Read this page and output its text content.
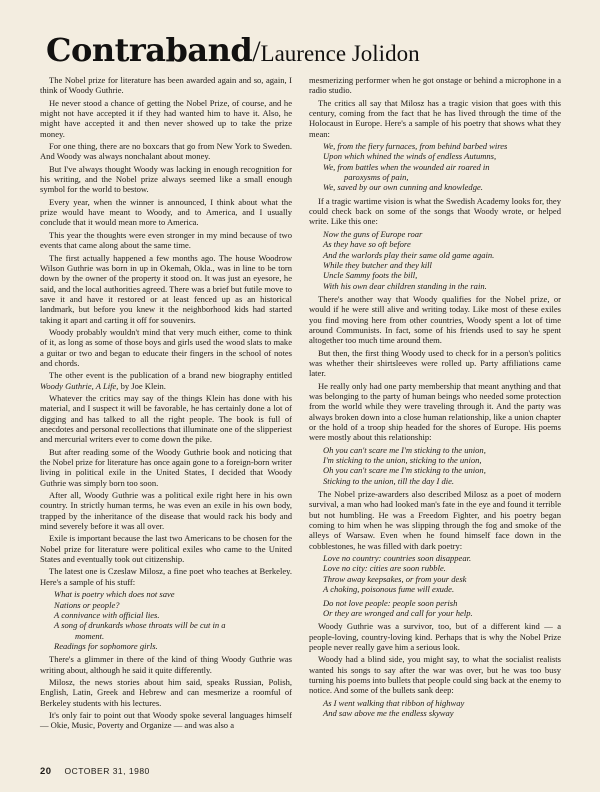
Contraband/Laurence Jolidon

The Nobel prize for literature has been awarded again and so, again, I think of Woody Guthrie.

He never stood a chance of getting the Nobel Prize, of course, and he might not have accepted it if they had wanted him to have it. Also, he might have accepted it and then never showed up to take the prize money.

For one thing, there are no boxcars that go from New York to Sweden. And Woody was always nonchalant about money.

But I've always thought Woody was lacking in enough recognition for his writing, and the Nobel prize always seemed like a small enough symbol for the world to bestow.

Every year, when the winner is announced, I think about what the prize would have meant to Woody, and to America, and I usually conclude that it would mean more to America.

This year the thoughts were even stronger in my mind because of two events that came along about the same time.

The first actually happened a few months ago. The house Woodrow Wilson Guthrie was born in up in Okemah, Okla., was in line to be torn down by the owner of the property it stood on. It was just an eyesore, he said, and the local authorities agreed. There was a brief but futile move to save it and have it restored or at least fenced up as an historical landmark, but before you knew it the neighborhood kids had started taking it apart and carting it off for souvenirs.

Woody probably wouldn't mind that very much either, come to think of it, as long as some of those boys and girls used the wood slats to make a guitar or two and began to educate their fingers in the school of notes and chords.

The other event is the publication of a brand new biography entitled Woody Guthrie, A Life, by Joe Klein.

Whatever the critics may say of the things Klein has done with his material, and I suspect it will be favorable, he has certainly done a lot of digging and has talked to all the right people. The book is full of anecdotes and personal recollections that illuminate one of the slipperiest and mercurial writers ever to come down the pike.

But after reading some of the Woody Guthrie book and noticing that the Nobel prize for literature has once again gone to a foreign-born writer living in political exile in the United States, I decided that Woody Guthrie was simply born too soon.

After all, Woody Guthrie was a political exile right here in his own country. In strictly human terms, he was even an exile in his own body, trapped by the inheritance of the disease that would rack his body and mind severely before it was all over.

Exile is important because the last two Americans to be chosen for the Nobel prize for literature were political exiles who came to the United States and eventually took out citizenship.

The latest one is Czeslaw Milosz, a fine poet who teaches at Berkeley. Here's a sample of his stuff:

What is poetry which does not save
Nations or people?
A connivance with official lies.
A song of drunkards whose throats will be cut in a
moment.
Readings for sophomore girls.

There's a glimmer in there of the kind of thing Woody Guthrie was writing about, although he said it quite differently.

Milosz, the news stories about him said, speaks Russian, Polish, English, Latin, Greek and Hebrew and can mesmerize a roomful of Berkeley students with his lectures.

It's only fair to point out that Woody spoke several languages himself — Okie, Music, Poverty and Organize — and was also a

mesmerizing performer when he got onstage or behind a microphone in a radio studio.

The critics all say that Milosz has a tragic vision that goes with this century, coming from the fact that he has lived through the time of the Holocaust in Europe. Here's a sample of his poetry that shows what they mean:

We, from the fiery furnaces, from behind barbed wires
Upon which whined the winds of endless Autumns,
We, from battles when the wounded air roared in
paroxysms of pain,
We, saved by our own cunning and knowledge.

If a tragic wartime vision is what the Swedish Academy looks for, they could check back on some of the songs that Woody wrote, or helped write. Like this one:

Now the guns of Europe roar
As they have so oft before
And the warlords play their same old game again.
While they butcher and they kill
Uncle Sammy foots the bill,
With his own dear children standing in the rain.

There's another way that Woody qualifies for the Nobel prize, or would if he were still alive and writing today. Like most of these exiles you find moving here from other countries, Woody spent a lot of time around Communists. In fact, some of his friends used to say he spent altogether too much time around them.

But then, the first thing Woody used to check for in a person's politics was whether their shirtsleeves were rolled up. Party affiliations came later.

He really only had one party membership that meant anything and that was belonging to the party of human beings who needed some protection from the world while they were traveling through it. And the party was always broken down into a close human relationship, like a union chapter or the hold of a troop ship headed for the shores of Europe. His poems were mostly about this relationship:

Oh you can't scare me I'm sticking to the union,
I'm sticking to the union, sticking to the union,
Oh you can't scare me I'm sticking to the union,
Sticking to the union, till the day I die.

The Nobel prize-awarders also described Milosz as a poet of modern survival, a man who had looked man's fate in the eye and found it terrible but not humbling. He was a Freedom Fighter, and his poetry began coming to him when he was slipping through the fog and smoke of the alleys of Warsaw. Even when he found himself face down in the cobblestones, he was filled with dark poetry:

Love no country: countries soon disappear.
Love no city: cities are soon rubble.
Throw away keepsakes, or from your desk
A choking, poisonous fume will exude.
Do not love people: people soon perish
Or they are wronged and call for your help.

Woody Guthrie was a survivor, too, but of a different kind — a people-loving, country-loving kind. Perhaps that is why the Nobel Prize people never really gave him a serious look.

Woody had a blind side, you might say, to what the socialist realists wanted his songs to say after the war was over, but he was too busy turning his poems into bullets that people could sing back at the enemy to notice. And some of the bullets sank deep:

As I went walking that ribbon of highway
And saw above me the endless skyway
20 OCTOBER 31, 1980
